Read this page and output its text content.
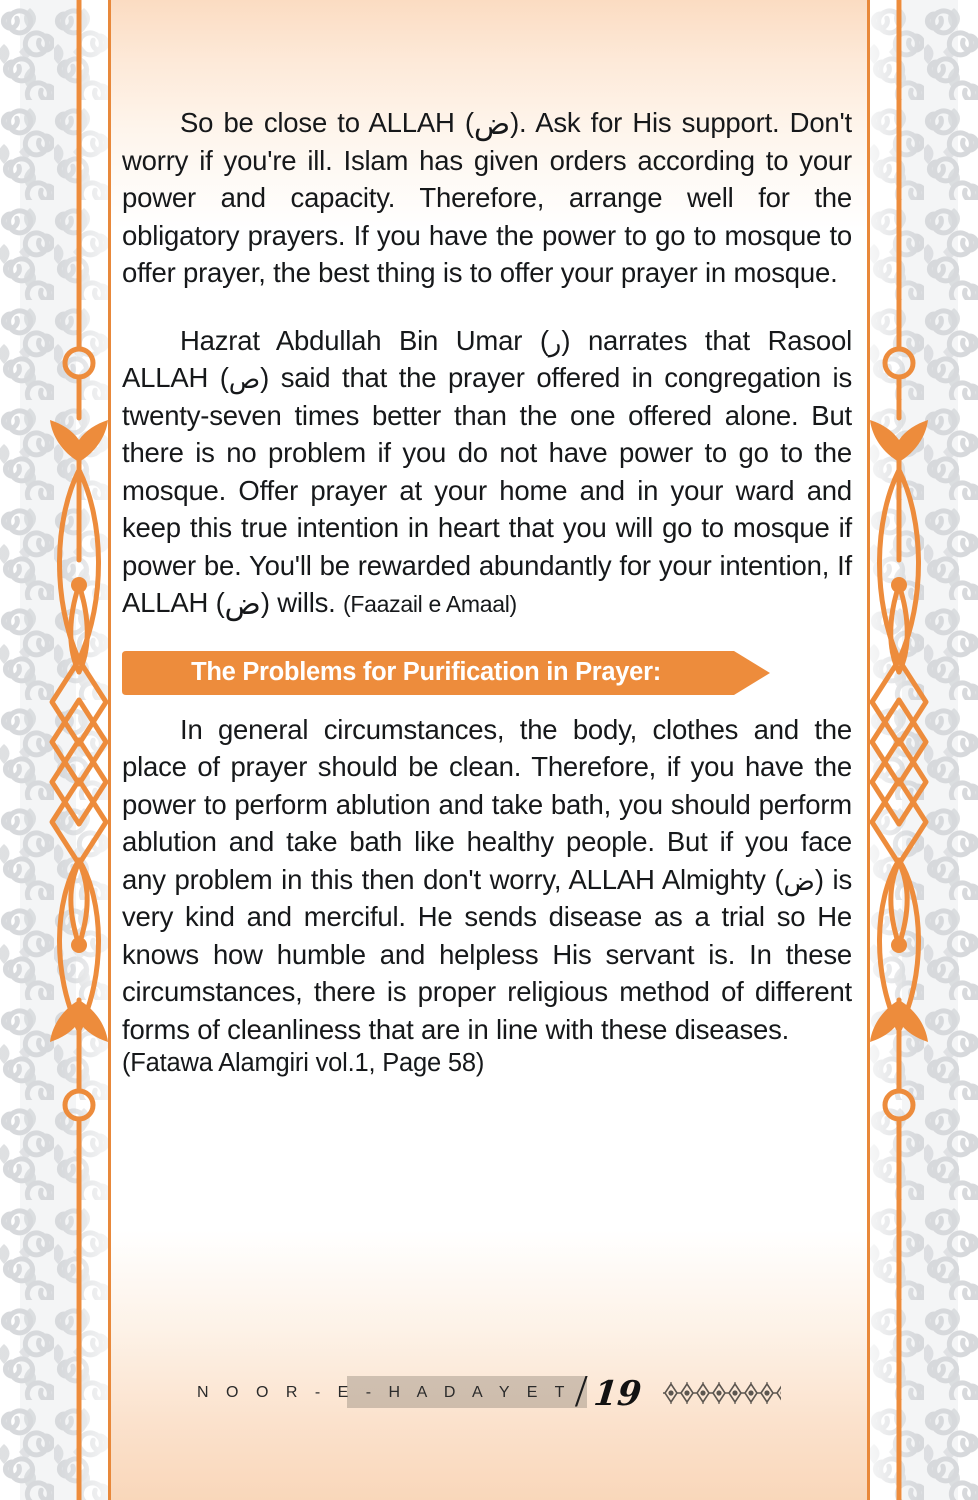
So be close to ALLAH (ض). Ask for His support. Don't worry if you're ill. Islam has given orders according to your power and capacity. Therefore, arrange well for the obligatory prayers. If you have the power to go to mosque to offer prayer, the best thing is to offer your prayer in mosque.

Hazrat Abdullah Bin Umar (ر) narrates that Rasool ALLAH (ص) said that the prayer offered in congregation is twenty-seven times better than the one offered alone. But there is no problem if you do not have power to go to the mosque. Offer prayer at your home and in your ward and keep this true intention in heart that you will go to mosque if power be. You'll be rewarded abundantly for your intention, If ALLAH (ض) wills. (Faazail e Amaal)

The Problems for Purification in Prayer:

In general circumstances, the body, clothes and the place of prayer should be clean. Therefore, if you have the power to perform ablution and take bath, you should perform ablution and take bath like healthy people. But if you face any problem in this then don't worry, ALLAH Almighty (ض) is very kind and merciful. He sends disease as a trial so He knows how humble and helpless His servant is. In these circumstances, there is proper religious method of different forms of cleanliness that are in line with these diseases.

(Fatawa Alamgiri vol.1, Page 58)
N O O R - E - H A D A Y E T / 19
